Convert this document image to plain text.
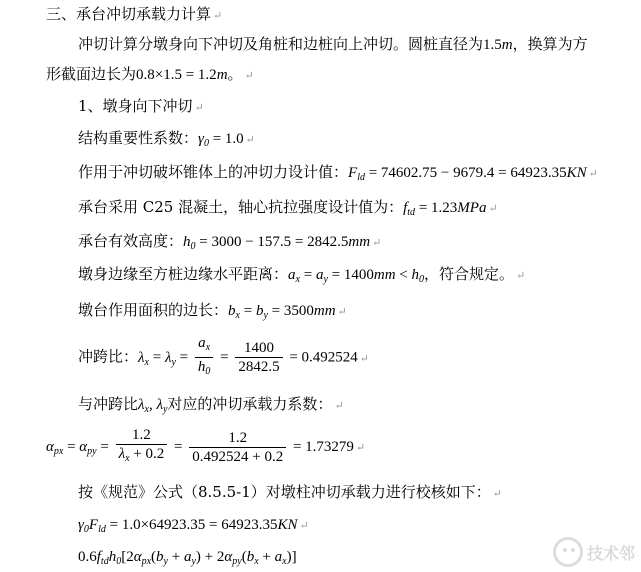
三、承台冲切承载力计算 ↵
冲切计算分墩身向下冲切及角桩和边桩向上冲切。圆桩直径为1.5m，换算为方
形截面边长为0.8×1.5 = 1.2m。 ↵
1、墩身向下冲切 ↵
结构重要性系数：$\gamma_0 = 1.0$ ↵
作用于冲切破坏锥体上的冲切力设计值：$F_{ld} = 74602.75 - 9679.4 = 64923.35KN$ ↵
承台采用 C25 混凝土，轴心抗拉强度设计值为：$f_{td} = 1.23MPa$ ↵
承台有效高度：$h_0 = 3000 - 157.5 = 2842.5mm$ ↵
墩身边缘至方桩边缘水平距离：$a_x = a_y = 1400mm < h_0$，符合规定。 ↵
墩台作用面积的边长：$b_x = b_y = 3500mm$ ↵
冲跨比：$\lambda_x = \lambda_y = \frac{a_x}{h_0} = \frac{1400}{2842.5} = 0.492524$ ↵
与冲跨比$\lambda_x$, $\lambda_y$对应的冲切承载力系数： ↵
$\alpha_{px} = \alpha_{py} = \frac{1.2}{\lambda_x + 0.2} = \frac{1.2}{0.492524 + 0.2} = 1.73279$ ↵
按《规范》公式（8.5.5-1）对墩柱冲切承载力进行校核如下： ↵
$\gamma_0F_{ld} = 1.0\times 64923.35 = 64923.35KN$ ↵
$0.6f_{td}h_0[2\alpha_{px}(b_y + a_y) + 2\alpha_{py}(b_x + a_x)]$	技术邻
